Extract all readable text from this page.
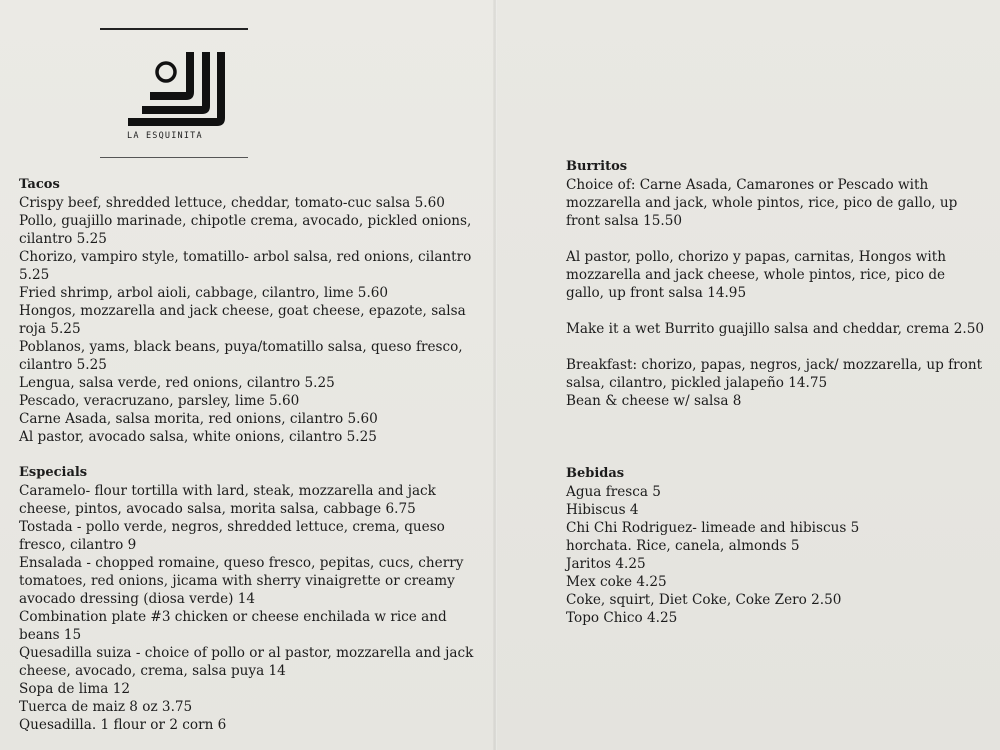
LA ESQUINITA
Tacos

Crispy beef, shredded lettuce, cheddar, tomato-cuc salsa 5.60

Pollo, guajillo marinade, chipotle crema, avocado, pickled onions, cilantro 5.25

Chorizo, vampiro style, tomatillo- arbol salsa, red onions, cilantro 5.25

Fried shrimp, arbol aioli, cabbage, cilantro, lime 5.60

Hongos, mozzarella and jack cheese, goat cheese, epazote, salsa roja 5.25

Poblanos, yams, black beans, puya/tomatillo salsa, queso fresco, cilantro 5.25

Lengua, salsa verde, red onions, cilantro 5.25

Pescado, veracruzano, parsley, lime 5.60

Carne Asada, salsa morita, red onions, cilantro 5.60

Al pastor, avocado salsa, white onions, cilantro 5.25

Especials

Caramelo- flour tortilla with lard, steak, mozzarella and jack cheese, pintos, avocado salsa, morita salsa, cabbage 6.75

Tostada - pollo verde, negros, shredded lettuce, crema, queso fresco, cilantro 9

Ensalada - chopped romaine, queso fresco, pepitas, cucs, cherry tomatoes, red onions, jicama with sherry vinaigrette or creamy avocado dressing (diosa verde) 14

Combination plate #3 chicken or cheese enchilada w rice and beans 15

Quesadilla suiza - choice of pollo or al pastor, mozzarella and jack cheese, avocado, crema, salsa puya 14

Sopa de lima 12

Tuerca de maiz 8 oz 3.75

Quesadilla. 1 flour or 2 corn 6

Burritos

Choice of: Carne Asada, Camarones or Pescado with mozzarella and jack, whole pintos, rice, pico de gallo, up front salsa 15.50

Al pastor, pollo, chorizo y papas, carnitas, Hongos with mozzarella and jack cheese, whole pintos, rice, pico de gallo, up front salsa 14.95

Make it a wet Burrito guajillo salsa and cheddar, crema 2.50

Breakfast: chorizo, papas, negros, jack/ mozzarella, up front salsa, cilantro, pickled jalapeño 14.75

Bean & cheese w/ salsa 8

Bebidas

Agua fresca 5

Hibiscus 4

Chi Chi Rodriguez- limeade and hibiscus 5

horchata. Rice, canela, almonds 5

Jaritos 4.25

Mex coke 4.25

Coke, squirt, Diet Coke, Coke Zero 2.50

Topo Chico 4.25
